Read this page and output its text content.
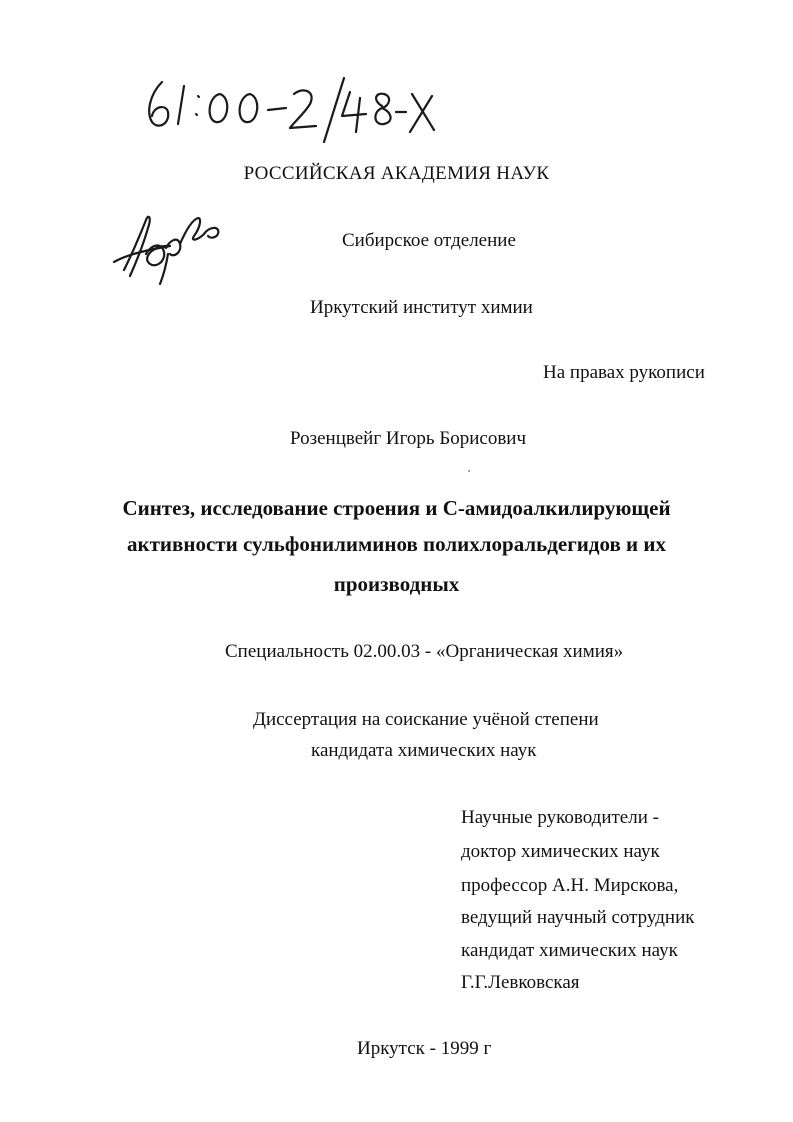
РОССИЙСКАЯ АКАДЕМИЯ НАУК
Сибирское отделение
Иркутский институт химии
На правах рукописи
Розенцвейг Игорь Борисович
Синтез, исследование строения и С-амидоалкилирующей
активности сульфонилиминов полихлоральдегидов и их
производных
Специальность 02.00.03 - «Органическая химия»
Диссертация на соискание учёной степени
кандидата химических наук
Научные руководители -
доктор химических наук
профессор А.Н. Мирскова,
ведущий научный сотрудник
кандидат химических наук
Г.Г.Левковская
Иркутск - 1999 г
